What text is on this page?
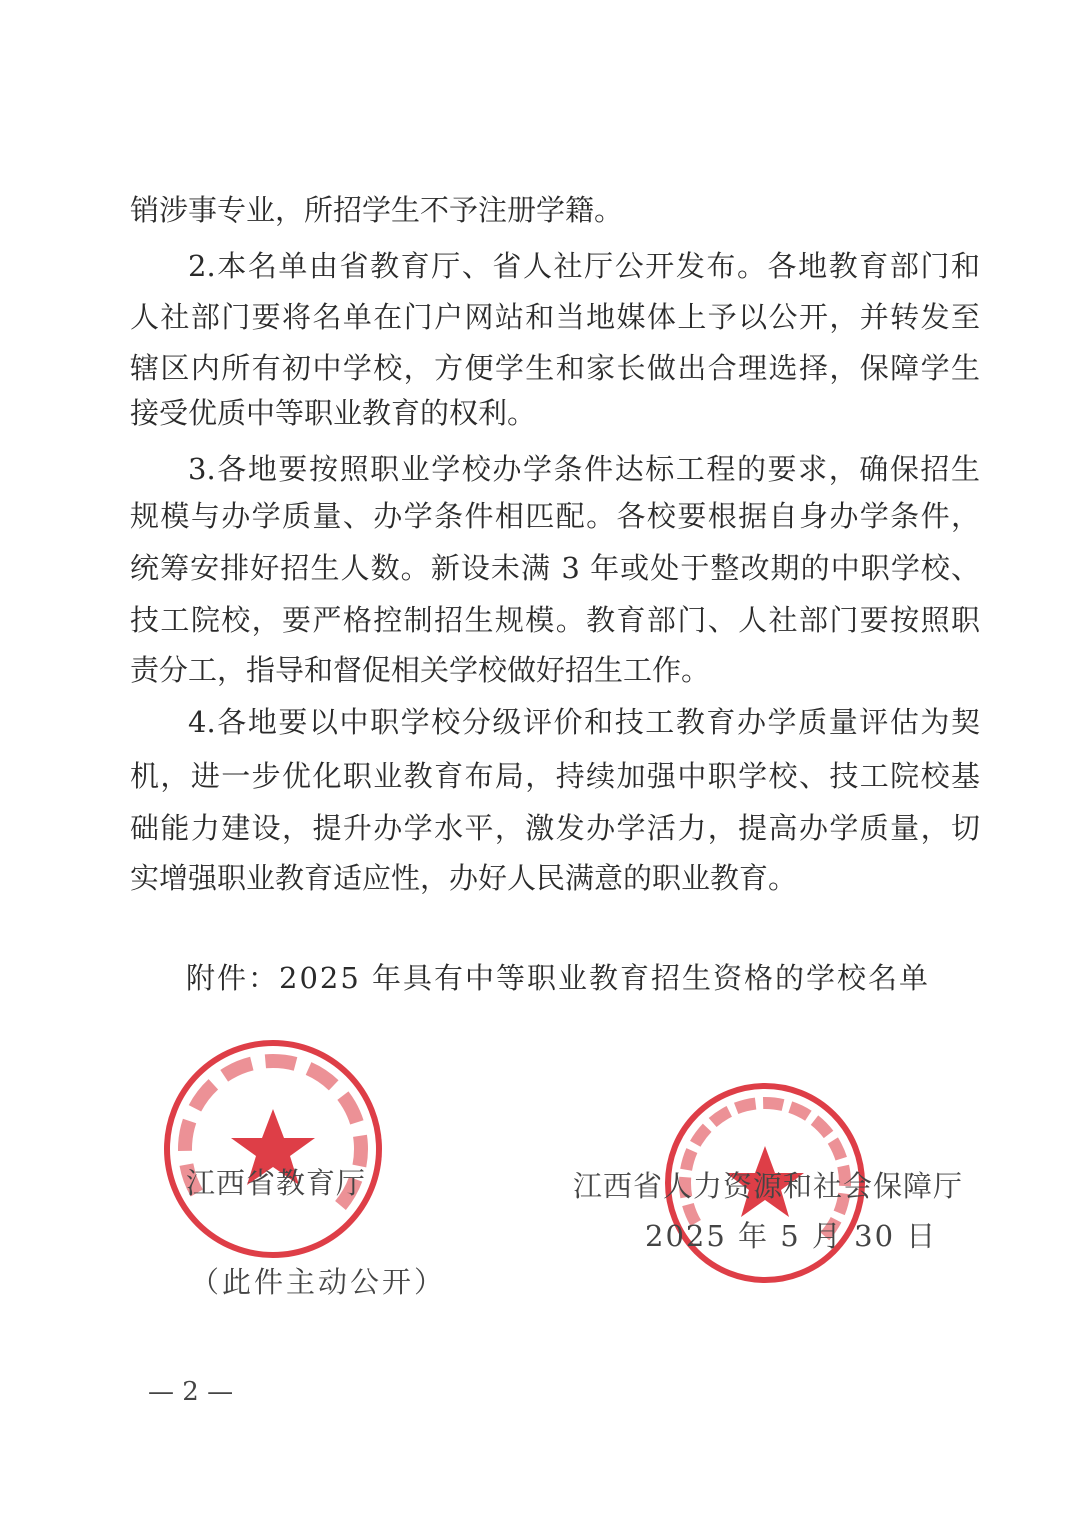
销涉事专业，所招学生不予注册学籍。
2.本名单由省教育厅、省人社厅公开发布。各地教育部门和
人社部门要将名单在门户网站和当地媒体上予以公开，并转发至
辖区内所有初中学校，方便学生和家长做出合理选择，保障学生
接受优质中等职业教育的权利。
3.各地要按照职业学校办学条件达标工程的要求，确保招生
规模与办学质量、办学条件相匹配。各校要根据自身办学条件，
统筹安排好招生人数。新设未满 3 年或处于整改期的中职学校、
技工院校，要严格控制招生规模。教育部门、人社部门要按照职
责分工，指导和督促相关学校做好招生工作。
4.各地要以中职学校分级评价和技工教育办学质量评估为契
机，进一步优化职业教育布局，持续加强中职学校、技工院校基
础能力建设，提升办学水平，激发办学活力，提高办学质量，切
实增强职业教育适应性，办好人民满意的职业教育。
附件：2025 年具有中等职业教育招生资格的学校名单
江西省教育厅
（此件主动公开）
江西省人力资源和社会保障厅
2025 年 5 月 30 日
— 2 —
